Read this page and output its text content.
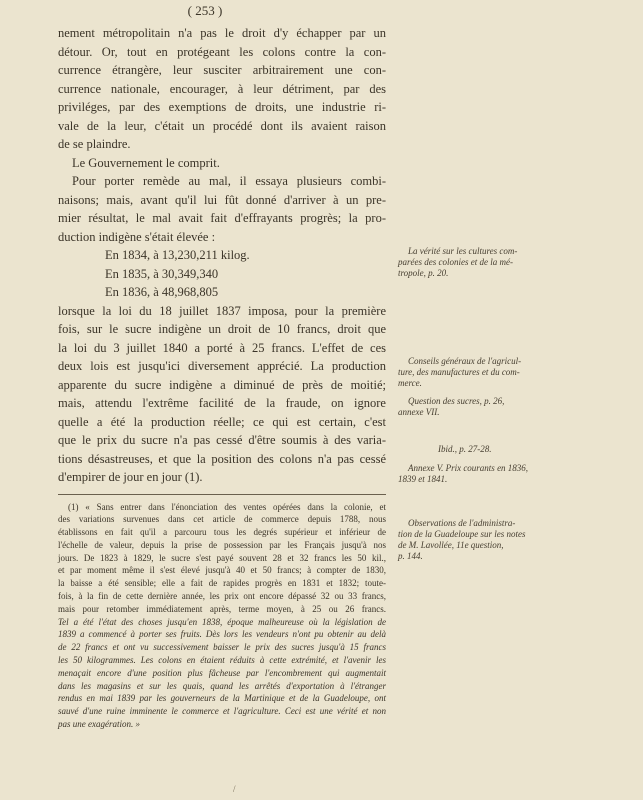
( 253 )
nement métropolitain n'a pas le droit d'y échapper par un
détour. Or, tout en protégeant les colons contre la con-
currence étrangère, leur susciter arbitrairement une con-
currence nationale, encourager, à leur détriment, par des
priviléges, par des exemptions de droits, une industrie ri-
vale de la leur, c'était un procédé dont ils avaient raison
de se plaindre.
Le Gouvernement le comprit.
Pour porter remède au mal, il essaya plusieurs combi-
naisons; mais, avant qu'il lui fût donné d'arriver à un pre-
mier résultat, le mal avait fait d'effrayants progrès; la pro-
duction indigène s'était élevée :
En 1834, à 13,230,211 kilog.
En 1835, à 30,349,340
En 1836, à 48,968,805
lorsque la loi du 18 juillet 1837 imposa, pour la première
fois, sur le sucre indigène un droit de 10 francs, droit que
la loi du 3 juillet 1840 a porté à 25 francs. L'effet de ces
deux lois est jusqu'ici diversement apprécié. La production
apparente du sucre indigène a diminué de près de moitié;
mais, attendu l'extrême facilité de la fraude, on ignore
quelle a été la production réelle; ce qui est certain, c'est
que le prix du sucre n'a pas cessé d'être soumis à des varia-
tions désastreuses, et que la position des colons n'a pas cessé
d'empirer de jour en jour (1).
(1) « Sans entrer dans l'énonciation des ventes opérées dans la colonie, et
des variations survenues dans cet article de commerce depuis 1788, nous
établissons en fait qu'il a parcouru tous les degrés supérieur et inférieur de
l'échelle de valeur, depuis la prise de possession par les Français jusqu'à nos
jours. De 1823 à 1829, le sucre s'est payé souvent 28 et 32 francs les 50 kil.,
et par moment même il s'est élevé jusqu'à 40 et 50 francs; à compter de 1830,
la baisse a été sensible; elle a fait de rapides progrès en 1831 et 1832; toute-
fois, à la fin de cette dernière année, les prix ont encore dépassé 32 ou 33 francs,
mais pour retomber immédiatement après, terme moyen, à 25 ou 26 francs.
Tel a été l'état des choses jusqu'en 1838, époque malheureuse où la législation de
1839 a commencé à porter ses fruits. Dès lors les vendeurs n'ont pu obtenir au delà
de 22 francs et ont vu successivement baisser le prix des sucres jusqu'à 15 francs
les 50 kilogrammes. Les colons en étaient réduits à cette extrémité, et l'avenir les
menaçait encore d'une position plus fâcheuse par l'encombrement qui augmentait
dans les magasins et sur les quais, quand les arrêtés d'exportation à l'étranger
rendus en mai 1839 par les gouverneurs de la Martinique et de la Guadeloupe, ont
sauvé d'une ruine imminente le commerce et l'agriculture. Ceci est une vérité et non
pas une exagération. »
La vérité sur les cultures com-
parées des colonies et de la mé-
tropole, p. 20.
Conseils généraux de l'agricul-
ture, des manufactures et du com-
merce.
Question des sucres, p. 26,
annexe VII.
Ibid., p. 27-28.
Annexe V. Prix courants en 1836,
1839 et 1841.
Observations de l'administra-
tion de la Guadeloupe sur les notes
de M. Lavollée, 11e question,
p. 144.
/
